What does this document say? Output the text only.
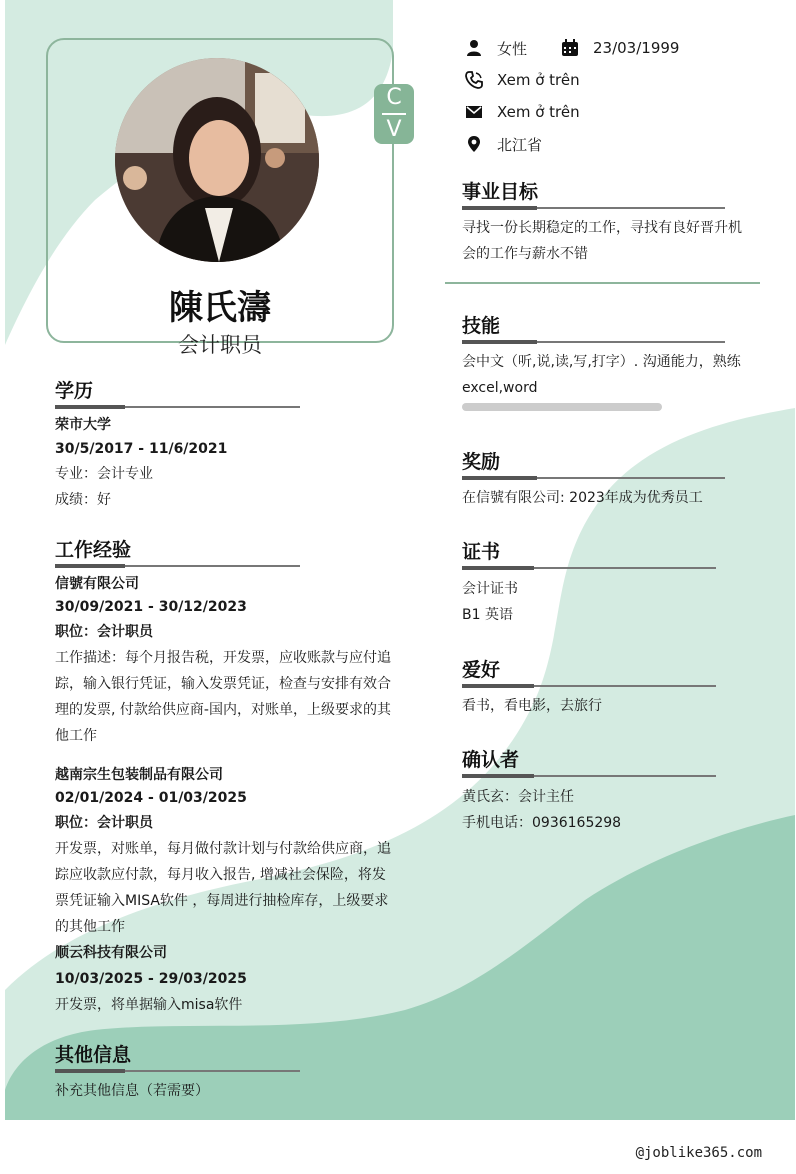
C
V
陳氏濤
会计职员
学历
荣市大学
30/5/2017 - 11/6/2021
专业：会计专业
成绩：好
工作经验
信號有限公司
30/09/2021 - 30/12/2023
职位：会计职员
工作描述：每个月报告税，开发票，应收账款与应付追
踪，输入银行凭证，输入发票凭证，检查与安排有效合
理的发票, 付款给供应商-国内，对账单，上级要求的其
他工作
越南宗生包装制品有限公司
02/01/2024 - 01/03/2025
职位：会计职员
开发票，对账单，每月做付款计划与付款给供应商，追
踪应收款应付款，每月收入报告, 增减社会保险，将发
票凭证输入MISA软件 ，每周进行抽检库存，上级要求
的其他工作
顺云科技有限公司
10/03/2025 - 29/03/2025
开发票，将单据输入misa软件
其他信息
补充其他信息（若需要）
女性	23/03/1999
Xem ở trên
Xem ở trên
北江省
事业目标
寻找一份长期稳定的工作，寻找有良好晋升机
会的工作与薪水不错
技能
会中文（听,说,读,写,打字）. 沟通能力，熟练
excel,word
奖励
在信號有限公司: 2023年成为优秀员工
证书
会计证书
B1 英语
爱好
看书，看电影，去旅行
确认者
黄氏玄：会计主任
手机电话：0936165298
@joblike365.com
